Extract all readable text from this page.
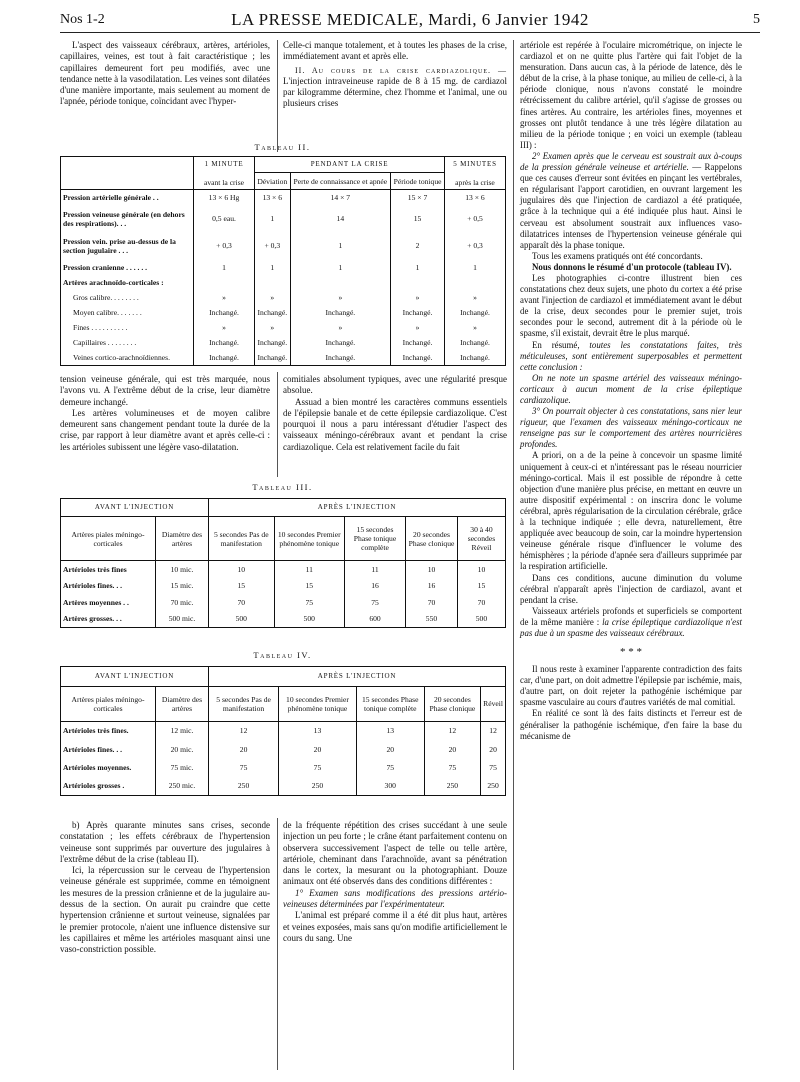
Nos 1-2	LA PRESSE MEDICALE, Mardi, 6 Janvier 1942	5

L'aspect des vaisseaux cérébraux, artères, artérioles, capillaires, veines, est tout à fait caractéristique ; les capillaires demeurent fort peu modifiés, avec une tendance nette à la vasodilatation. Les veines sont dilatées d'une manière importante, mais seulement au moment de l'apnée, période tonique, coïncidant avec l'hyper-

Celle-ci manque totalement, et à toutes les phases de la crise, immédiatement avant et après elle.

II. Au cours de la crise cardiazolique. — L'injection intraveineuse rapide de 8 à 15 mg. de cardiazol par kilogramme détermine, chez l'homme et l'animal, une ou plusieurs crises

Tableau II.
	1 MINUTE

avant la crise	PENDANT LA CRISE			5 MINUTES

après la crise
		Déviation	Perte de connaissance et apnée	Période tonique	
Pression artérielle générale . .	13 × 6 Hg	13 × 6	14 × 7	15 × 7	13 × 6
Pression veineuse générale (en dehors des respirations). . .	0,5 eau.	1	14	15	+ 0,5
Pression vein. prise au-dessus de la section jugulaire . . .	+ 0,3	+ 0,3	1	2	+ 0,3
Pression cranienne . . . . . .	1	1	1	1	1
Artères arachnoïdo-corticales :					
Gros calibre. . . . . . . .	»	»	»	»	»
Moyen calibre. . . . . . .	Inchangé.	Inchangé.	Inchangé.	Inchangé.	Inchangé.
Fines . . . . . . . . . .	»	»	»	»	»
Capillaires . . . . . . . .	Inchangé.	Inchangé.	Inchangé.	Inchangé.	Inchangé.
Veines cortico-arachnoïdiennes.	Inchangé.	Inchangé.	Inchangé.	Inchangé.	Inchangé.

tension veineuse générale, qui est très marquée, nous l'avons vu. A l'extrême début de la crise, leur diamètre demeure inchangé.

Les artères volumineuses et de moyen calibre demeurent sans changement pendant toute la durée de la crise, par rapport à leur diamètre avant et après celle-ci : les artérioles subissent une légère vaso-dilatation.

comitiales absolument typiques, avec une régularité presque absolue.

Assuad a bien montré les caractères communs essentiels de l'épilepsie banale et de cette épilepsie cardiazolique. C'est pourquoi il nous a paru intéressant d'étudier l'aspect des vaisseaux méningo-cérébraux avant et pendant la crise cardiazolique. Cela est relativement facile du fait

Tableau III.
AVANT L'INJECTION		APRÈS L'INJECTION				
Artères piales méningo-corticales	Diamètre des artères	5 secondes Pas de manifestation	10 secondes Premier phénomène tonique	15 secondes Phase tonique complète	20 secondes Phase clonique	30 à 40 secondes Réveil
Artérioles très fines	10 mic.	10	11	11	10	10
Artérioles fines. . .	15 mic.	15	15	16	16	15
Artères moyennes . .	70 mic.	70	75	75	70	70
Artères grosses. . .	500 mic.	500	500	600	550	500
Tableau IV.
AVANT L'INJECTION		APRÈS L'INJECTION				
Artères piales méningo-corticales	Diamètre des artères	5 secondes Pas de manifestation	10 secondes Premier phénomène tonique	15 secondes Phase tonique complète	20 secondes Phase clonique	Réveil
Artérioles très fines.	12 mic.	12	13	13	12	12
Artérioles fines. . .	20 mic.	20	20	20	20	20
Artérioles moyennes.	75 mic.	75	75	75	75	75
Artérioles grosses .	250 mic.	250	250	300	250	250

b) Après quarante minutes sans crises, seconde constatation ; les effets cérébraux de l'hypertension veineuse sont supprimés par ouverture des jugulaires à l'extrême début de la crise (tableau II).

Ici, la répercussion sur le cerveau de l'hypertension veineuse générale est supprimée, comme en témoignent les mesures de la pression crânienne et de la jugulaire au-dessus de la section. On aurait pu craindre que cette hypertension crânienne et surtout veineuse, signalées par le premier protocole, n'aient une influence distensive sur les capillaires et même les artérioles masquant ainsi une vaso-constriction possible.

de la fréquente répétition des crises succédant à une seule injection un peu forte ; le crâne étant parfaitement contenu on observera successivement l'aspect de telle ou telle artère, artériole, cheminant dans l'arachnoïde, avant sa pénétration dans le cortex, la mesurant ou la photographiant. Douze animaux ont été observés dans des conditions différentes :

1° Examen sans modifications des pressions artério-veineuses déterminées par l'expérimentateur.

L'animal est préparé comme il a été dit plus haut, artères et veines exposées, mais sans qu'on modifie artificiellement le cours du sang. Une

artériole est repérée à l'oculaire micrométrique, on injecte le cardiazol et on ne quitte plus l'artère qui fait l'objet de la mensuration. Dans aucun cas, à la période de latence, dès le début de la crise, à la phase tonique, au milieu de celle-ci, à la période clonique, nous n'avons constaté le moindre rétrécissement du calibre artériel, qu'il s'agisse de grosses ou fines artères. Au contraire, les artérioles fines, moyennes et grosses ont plutôt tendance à une très légère dilatation au milieu de la période tonique ; en voici un exemple (tableau III) :

2° Examen après que le cerveau est soustrait aux à-coups de la pression générale veineuse et artérielle. — Rappelons que ces causes d'erreur sont évitées en pinçant les vertébrales, en régularisant l'apport carotidien, en ouvrant largement les jugulaires dès que l'injection de cardiazol a été pratiquée, grâce à la technique qui a été indiquée plus haut. Ainsi le cerveau est absolument soustrait aux influences vaso-dilatatrices intenses de l'hypertension veineuse générale qui apparaît dès la phase tonique.

Tous les examens pratiqués ont été concordants.

Nous donnons le résumé d'un protocole (tableau IV).

Les photographies ci-contre illustrent bien ces constatations chez deux sujets, une photo du cortex a été prise avant l'injection de cardiazol et immédiatement avant le début de la crise, deux secondes pour le premier sujet, trois secondes pour le second, autrement dit à la période où le spasme, s'il existait, devrait être le plus marqué.

En résumé, toutes les constatations faites, très méticuleuses, sont entièrement superposables et permettent cette conclusion :

On ne note un spasme artériel des vaisseaux méningo-corticaux à aucun moment de la crise épileptique cardiazolique.

3° On pourrait objecter à ces constatations, sans nier leur rigueur, que l'examen des vaisseaux méningo-corticaux ne renseigne pas sur le comportement des artères nourricières profondes.

A priori, on a de la peine à concevoir un spasme limité uniquement à ceux-ci et n'intéressant pas le réseau nourricier méningo-cortical. Mais il est possible de répondre à cette objection d'une manière plus précise, en mettant en œuvre un autre dispositif expérimental : on inscrira donc le volume cérébral, après régularisation de la circulation cérébrale, grâce à la technique indiquée ; elle devra, naturellement, être appliquée avec beaucoup de soin, car la moindre hypertension veineuse générale risque d'influencer le volume des hémisphères ; la période d'apnée sera d'ailleurs supprimée par la respiration artificielle.

Dans ces conditions, aucune diminution du volume cérébral n'apparaît après l'injection de cardiazol, avant et pendant la crise.

Vaisseaux artériels profonds et superficiels se comportent de la même manière : la crise épileptique cardiazolique n'est pas due à un spasme des vaisseaux cérébraux.

* * *

Il nous reste à examiner l'apparente contradiction des faits car, d'une part, on doit admettre l'épilepsie par ischémie, mais, d'autre part, on doit rejeter la pathogénie ischémique par spasme vasculaire au cours d'autres variétés de mal comitial.

En réalité ce sont là des faits distincts et l'erreur est de généraliser la pathogénie ischémique, d'en faire la base du mécanisme de
